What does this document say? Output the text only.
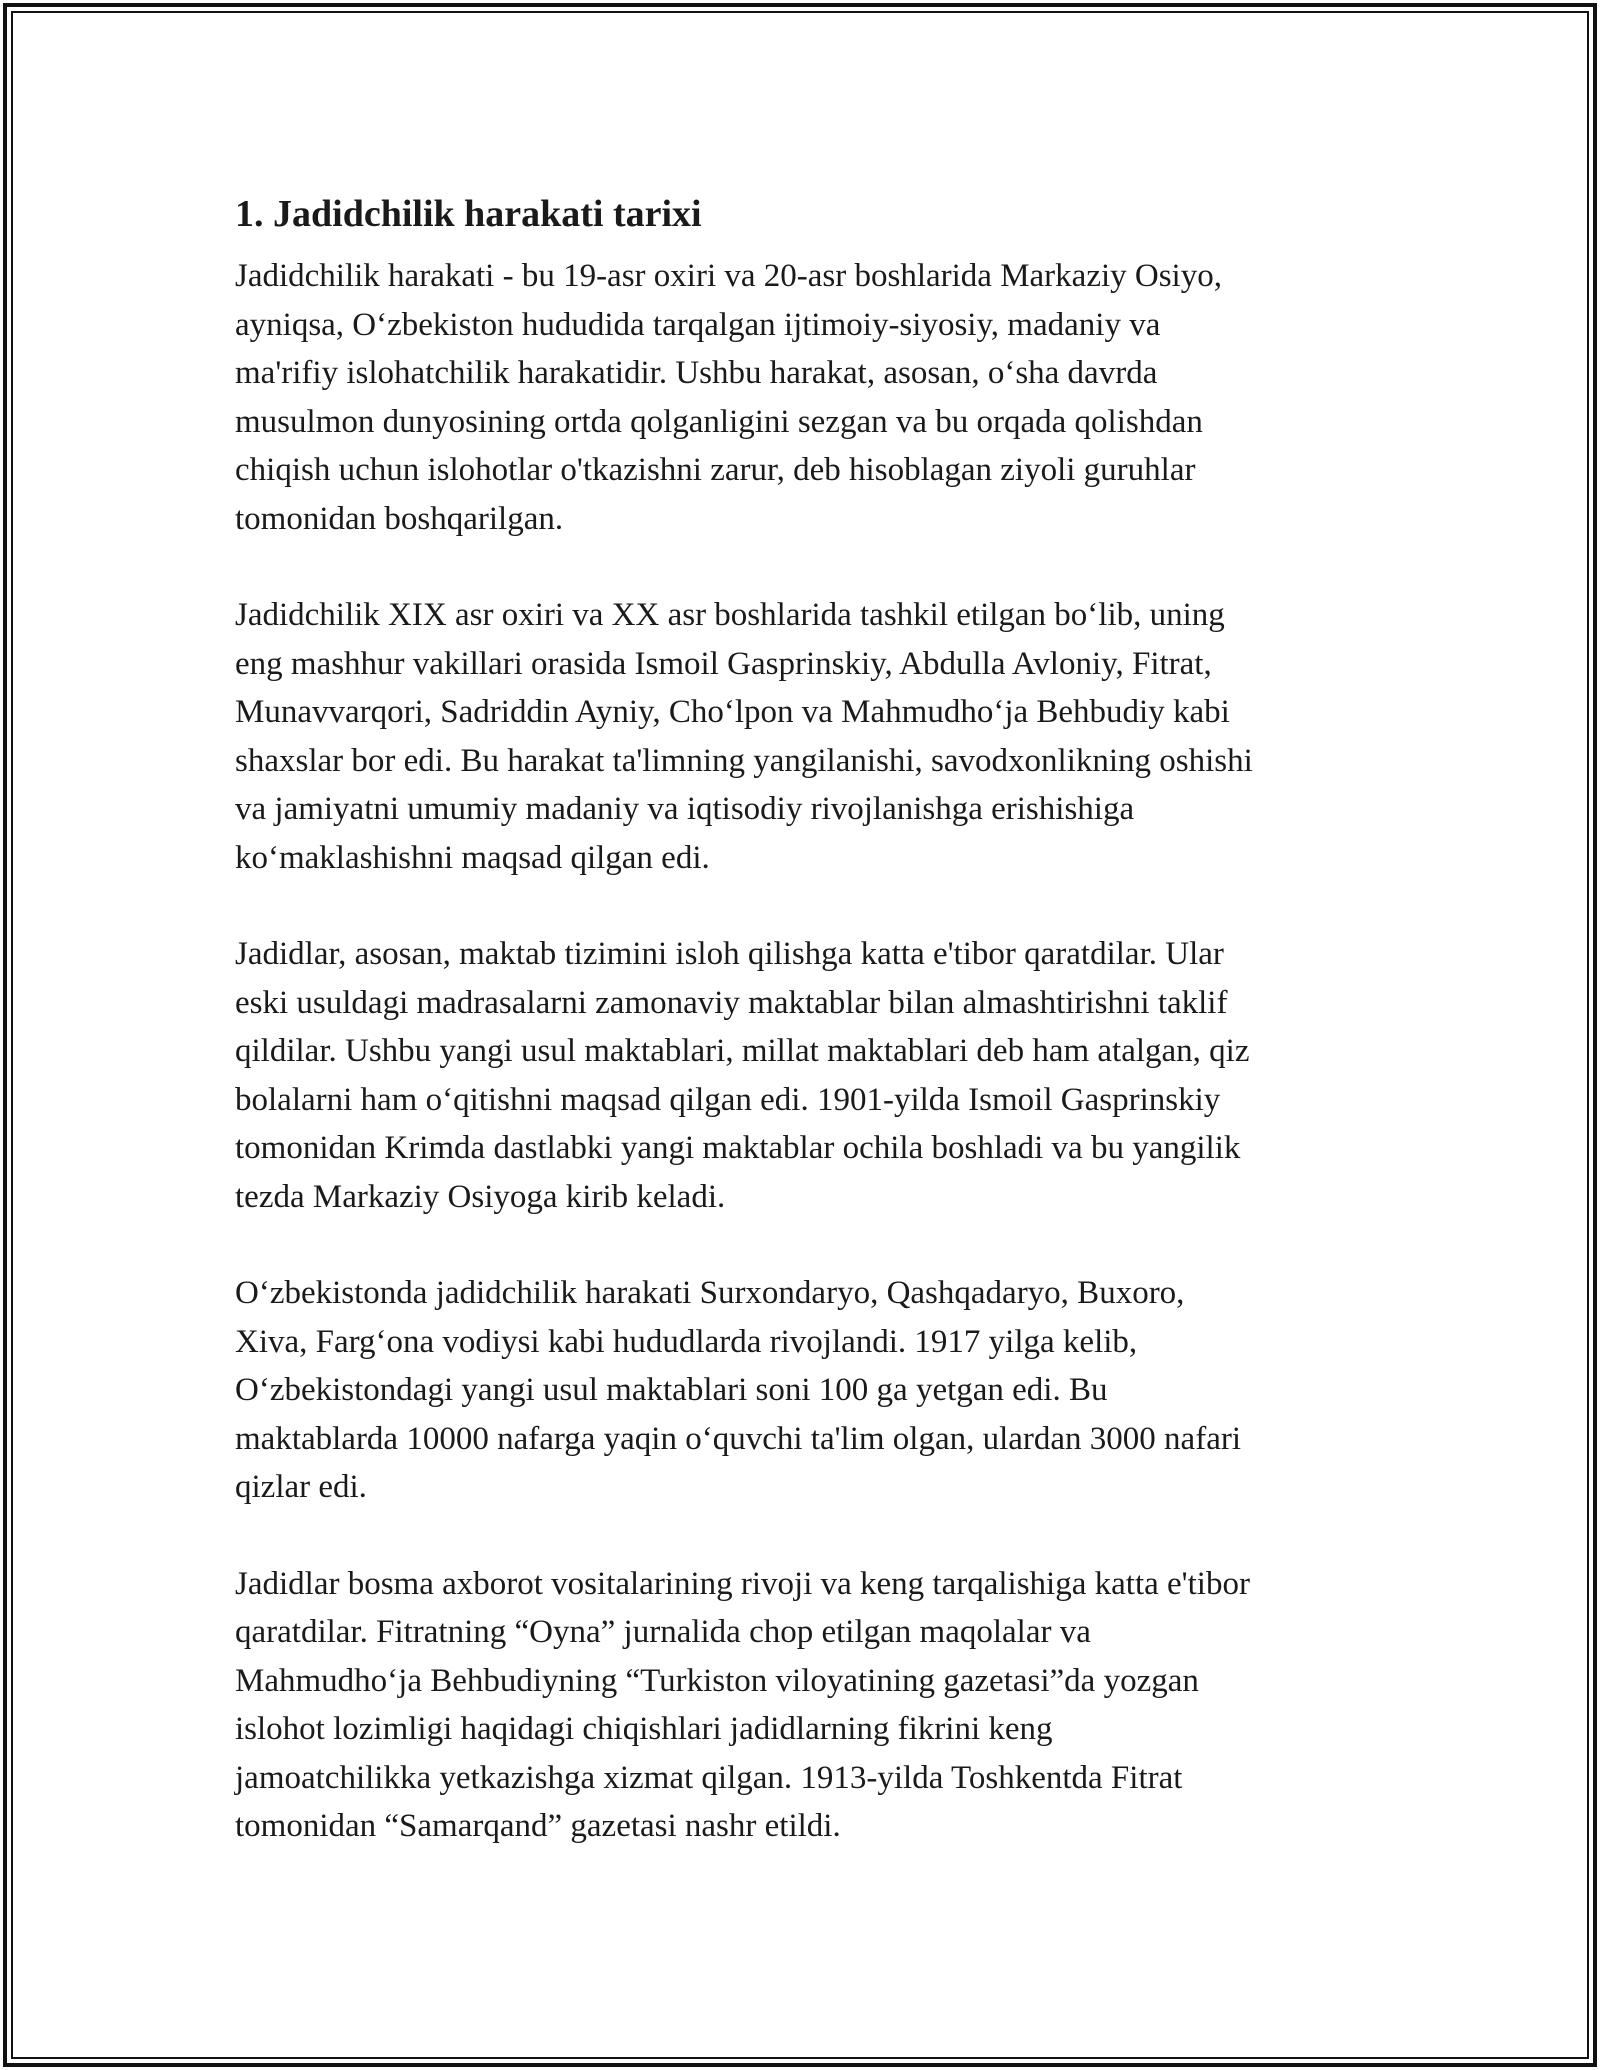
1. Jadidchilik harakati tarixi

Jadidchilik harakati - bu 19-asr oxiri va 20-asr boshlarida Markaziy Osiyo,
ayniqsa, O‘zbekiston hududida tarqalgan ijtimoiy-siyosiy, madaniy va
ma'rifiy islohatchilik harakatidir. Ushbu harakat, asosan, o‘sha davrda
musulmon dunyosining ortda qolganligini sezgan va bu orqada qolishdan
chiqish uchun islohotlar o'tkazishni zarur, deb hisoblagan ziyoli guruhlar
tomonidan boshqarilgan.

Jadidchilik XIX asr oxiri va XX asr boshlarida tashkil etilgan bo‘lib, uning
eng mashhur vakillari orasida Ismoil Gasprinskiy, Abdulla Avloniy, Fitrat,
Munavvarqori, Sadriddin Ayniy, Cho‘lpon va Mahmudho‘ja Behbudiy kabi
shaxslar bor edi. Bu harakat ta'limning yangilanishi, savodxonlikning oshishi
va jamiyatni umumiy madaniy va iqtisodiy rivojlanishga erishishiga
ko‘maklashishni maqsad qilgan edi.

Jadidlar, asosan, maktab tizimini isloh qilishga katta e'tibor qaratdilar. Ular
eski usuldagi madrasalarni zamonaviy maktablar bilan almashtirishni taklif
qildilar. Ushbu yangi usul maktablari, millat maktablari deb ham atalgan, qiz
bolalarni ham o‘qitishni maqsad qilgan edi. 1901-yilda Ismoil Gasprinskiy
tomonidan Krimda dastlabki yangi maktablar ochila boshladi va bu yangilik
tezda Markaziy Osiyoga kirib keladi.

O‘zbekistonda jadidchilik harakati Surxondaryo, Qashqadaryo, Buxoro,
Xiva, Farg‘ona vodiysi kabi hududlarda rivojlandi. 1917 yilga kelib,
O‘zbekistondagi yangi usul maktablari soni 100 ga yetgan edi. Bu
maktablarda 10000 nafarga yaqin o‘quvchi ta'lim olgan, ulardan 3000 nafari
qizlar edi.

Jadidlar bosma axborot vositalarining rivoji va keng tarqalishiga katta e'tibor
qaratdilar. Fitratning “Oyna” jurnalida chop etilgan maqolalar va
Mahmudho‘ja Behbudiyning “Turkiston viloyatining gazetasi”da yozgan
islohot lozimligi haqidagi chiqishlari jadidlarning fikrini keng
jamoatchilikka yetkazishga xizmat qilgan. 1913-yilda Toshkentda Fitrat
tomonidan “Samarqand” gazetasi nashr etildi.
